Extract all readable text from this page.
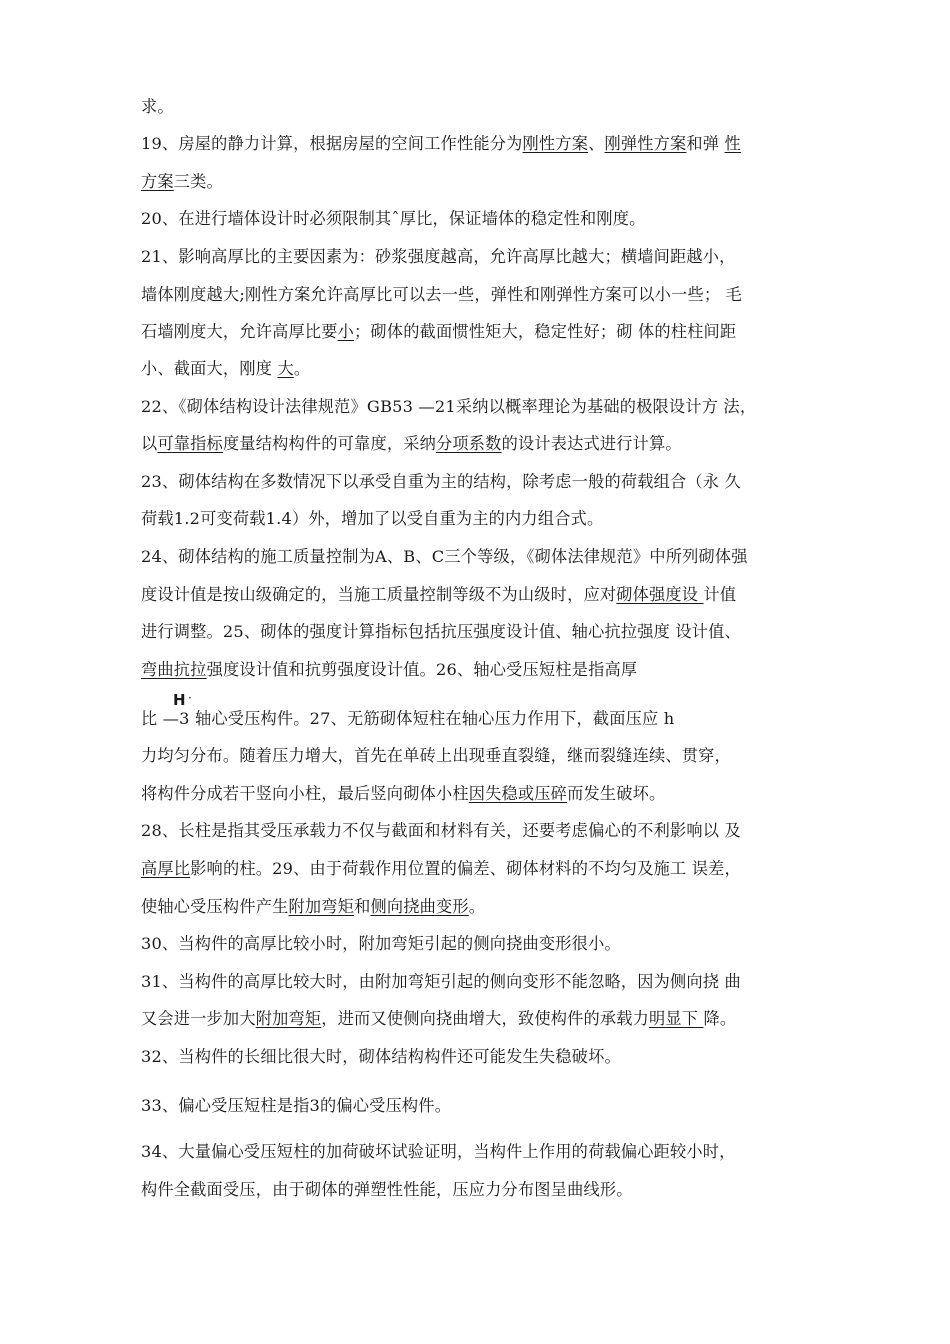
求。
19、房屋的静力计算，根据房屋的空间工作性能分为刚性方案、刚弹性方案和弹 性
方案三类。
20、在进行墙体设计时必须限制其ˆ厚比，保证墙体的稳定性和刚度。
21、影响高厚比的主要因素为：砂浆强度越高，允许高厚比越大；横墙间距越小，
墙体刚度越大;刚性方案允许高厚比可以去一些，弹性和刚弹性方案可以小一些； 毛
石墙刚度大，允许高厚比要小；砌体的截面惯性矩大，稳定性好；砌 体的柱柱间距
小、截面大，刚度 大。
22、《砌体结构设计法律规范》GB53 —21采纳以概率理论为基础的极限设计方 法，
以可靠指标度量结构构件的可靠度，采纳分项系数的设计表达式进行计算。
23、砌体结构在多数情况下以承受自重为主的结构，除考虑一般的荷载组合（永 久
荷载1.2可变荷载1.4）外，增加了以受自重为主的内力组合式。
24、砌体结构的施工质量控制为A、B、C三个等级，《砌体法律规范》中所列砌体强
度设计值是按山级确定的，当施工质量控制等级不为山级时，应对砌体强度设 计值
进行调整。25、砌体的强度计算指标包括抗压强度设计值、轴心抗拉强度 设计值、
弯曲抗拉强度设计值和抗剪强度设计值。26、轴心受压短柱是指高厚
比 —3 轴心受压构件。27、无筋砌体短柱在轴心压力作用下，截面压应 h
力均匀分布。随着压力增大，首先在单砖上出现垂直裂缝，继而裂缝连续、贯穿，
将构件分成若干竖向小柱，最后竖向砌体小柱因失稳或压碎而发生破坏。
28、长柱是指其受压承载力不仅与截面和材料有关，还要考虑偏心的不利影响以 及
高厚比影响的柱。29、由于荷载作用位置的偏差、砌体材料的不均匀及施工 误差，
使轴心受压构件产生附加弯矩和侧向挠曲变形。
30、当构件的高厚比较小时，附加弯矩引起的侧向挠曲变形很小。
31、当构件的高厚比较大时，由附加弯矩引起的侧向变形不能忽略，因为侧向挠 曲
又会进一步加大附加弯矩，进而又使侧向挠曲增大，致使构件的承载力明显下 降。
32、当构件的长细比很大时，砌体结构构件还可能发生失稳破坏。
33、偏心受压短柱是指3的偏心受压构件。
34、大量偏心受压短柱的加荷破坏试验证明，当构件上作用的荷载偏心距较小时，
构件全截面受压，由于砌体的弹塑性性能，压应力分布图呈曲线形。
H ·
